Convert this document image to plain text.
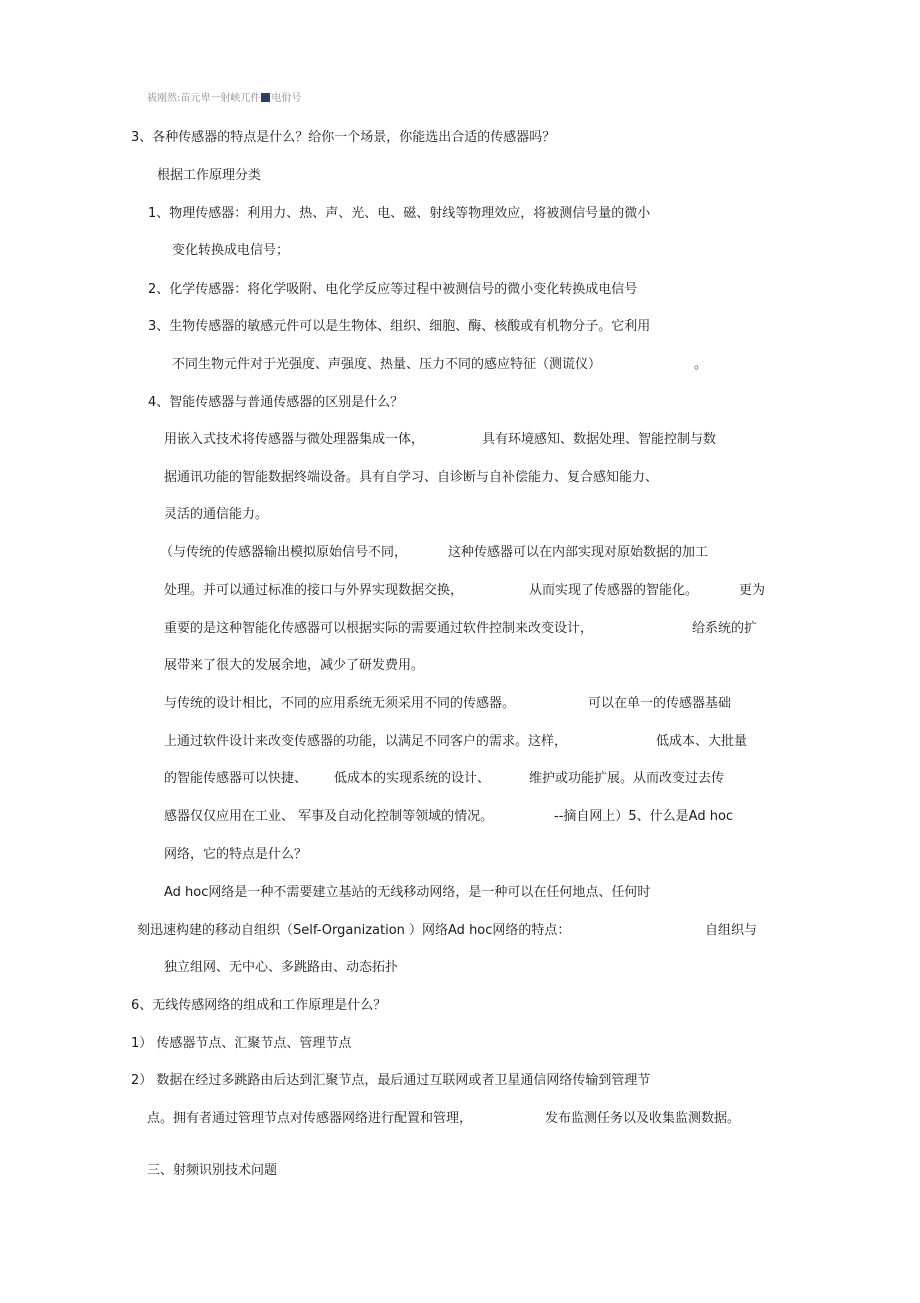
祓刚然:苗元卑一射峡兀件 电佾号
3、各种传感器的特点是什么？给你一个场景，你能选出合适的传感器吗？
根据工作原理分类
1、物理传感器：利用力、热、声、光、电、磁、射线等物理效应，将被测信号量的微小
变化转换成电信号；
2、化学传感器：将化学吸附、电化学反应等过程中被测信号的微小变化转换成电信号
3、生物传感器的敏感元件可以是生物体、组织、细胞、酶、核酸或有机物分子。它利用
不同生物元件对于光强度、声强度、热量、压力不同的感应特征（测谎仪）	。
4、智能传感器与普通传感器的区别是什么？
用嵌入式技术将传感器与微处理器集成一体，	具有环境感知、数据处理、智能控制与数
据通讯功能的智能数据终端设备。具有自学习、自诊断与自补偿能力、复合感知能力、
灵活的通信能力。
（与传统的传感器输出模拟原始信号不同，	这种传感器可以在内部实现对原始数据的加工
处理。并可以通过标准的接口与外界实现数据交换，	从而实现了传感器的智能化。	更为
重要的是这种智能化传感器可以根据实际的需要通过软件控制来改变设计，	给系统的扩
展带来了很大的发展余地，减少了研发费用。
与传统的设计相比，不同的应用系统无须采用不同的传感器。	可以在单一的传感器基础
上通过软件设计来改变传感器的功能，以满足不同客户的需求。这样，	低成本、大批量
的智能传感器可以快捷、 低成本的实现系统的设计、	维护或功能扩展。从而改变过去传
感器仅仅应用在工业、 军事及自动化控制等领域的情况。	--摘自网上）5、什么是Ad hoc
网络，它的特点是什么？
Ad hoc网络是一种不需要建立基站的无线移动网络，是一种可以在任何地点、任何时
刻迅速构建的移动自组织（Self-Organization ）网络Ad hoc网络的特点：	自组织与
独立组网、无中心、多跳路由、动态拓扑
6、无线传感网络的组成和工作原理是什么？
1） 传感器节点、汇聚节点、管理节点
2） 数据在经过多跳路由后达到汇聚节点，最后通过互联网或者卫星通信网络传输到管理节
点。拥有者通过管理节点对传感器网络进行配置和管理，	发布监测任务以及收集监测数据。
三、射频识别技术问题
